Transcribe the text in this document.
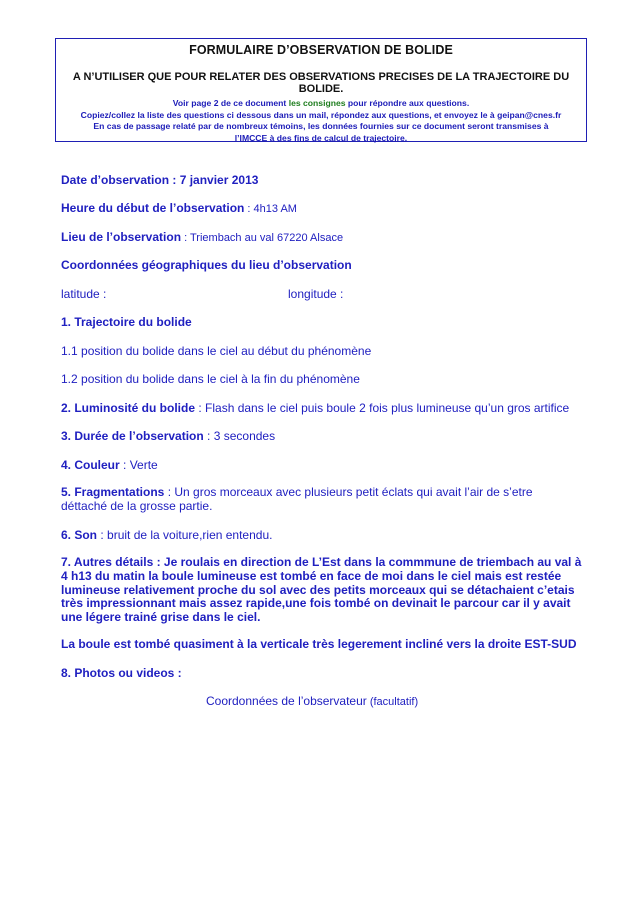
FORMULAIRE D’OBSERVATION DE BOLIDE
A N’UTILISER QUE POUR RELATER DES OBSERVATIONS PRECISES DE LA TRAJECTOIRE DU BOLIDE.
Voir page 2 de ce document les consignes pour répondre aux questions.
Copiez/collez la liste des questions ci dessous dans un mail, répondez aux questions, et envoyez le à geipan@cnes.fr
En cas de passage relaté par de nombreux témoins, les données fournies sur ce document seront transmises à
l’IMCCE à des fins de calcul de trajectoire.
Date d’observation : 7 janvier 2013
Heure du début de l’observation : 4h13 AM
Lieu de l’observation : Triembach au val 67220 Alsace
Coordonnées géographiques du lieu d’observation
latitude :	longitude :
1. Trajectoire du bolide
1.1 position du bolide dans le ciel au début du phénomène
1.2 position du bolide dans le ciel à la fin du phénomène
2. Luminosité du bolide : Flash dans le ciel puis boule 2 fois plus lumineuse qu’un gros artifice
3. Durée de l’observation : 3 secondes
4. Couleur : Verte
5. Fragmentations : Un gros morceaux avec plusieurs petit éclats qui avait l’air de s’etre déttaché de la grosse partie.
6. Son : bruit de la voiture,rien entendu.
7. Autres détails : Je roulais en direction de L’Est dans la commmune de triembach au val à 4 h13 du matin la boule lumineuse est tombé en face de moi dans le ciel mais est restée lumineuse relativement proche du sol avec des petits morceaux qui se détachaient c’etais très impressionnant mais assez rapide,une fois tombé on devinait le parcour car il y avait une légere trainé grise dans le ciel.
La boule est tombé quasiment à la verticale très legerement incliné vers la droite EST-SUD
8. Photos ou videos :
Coordonnées de l’observateur (facultatif)
